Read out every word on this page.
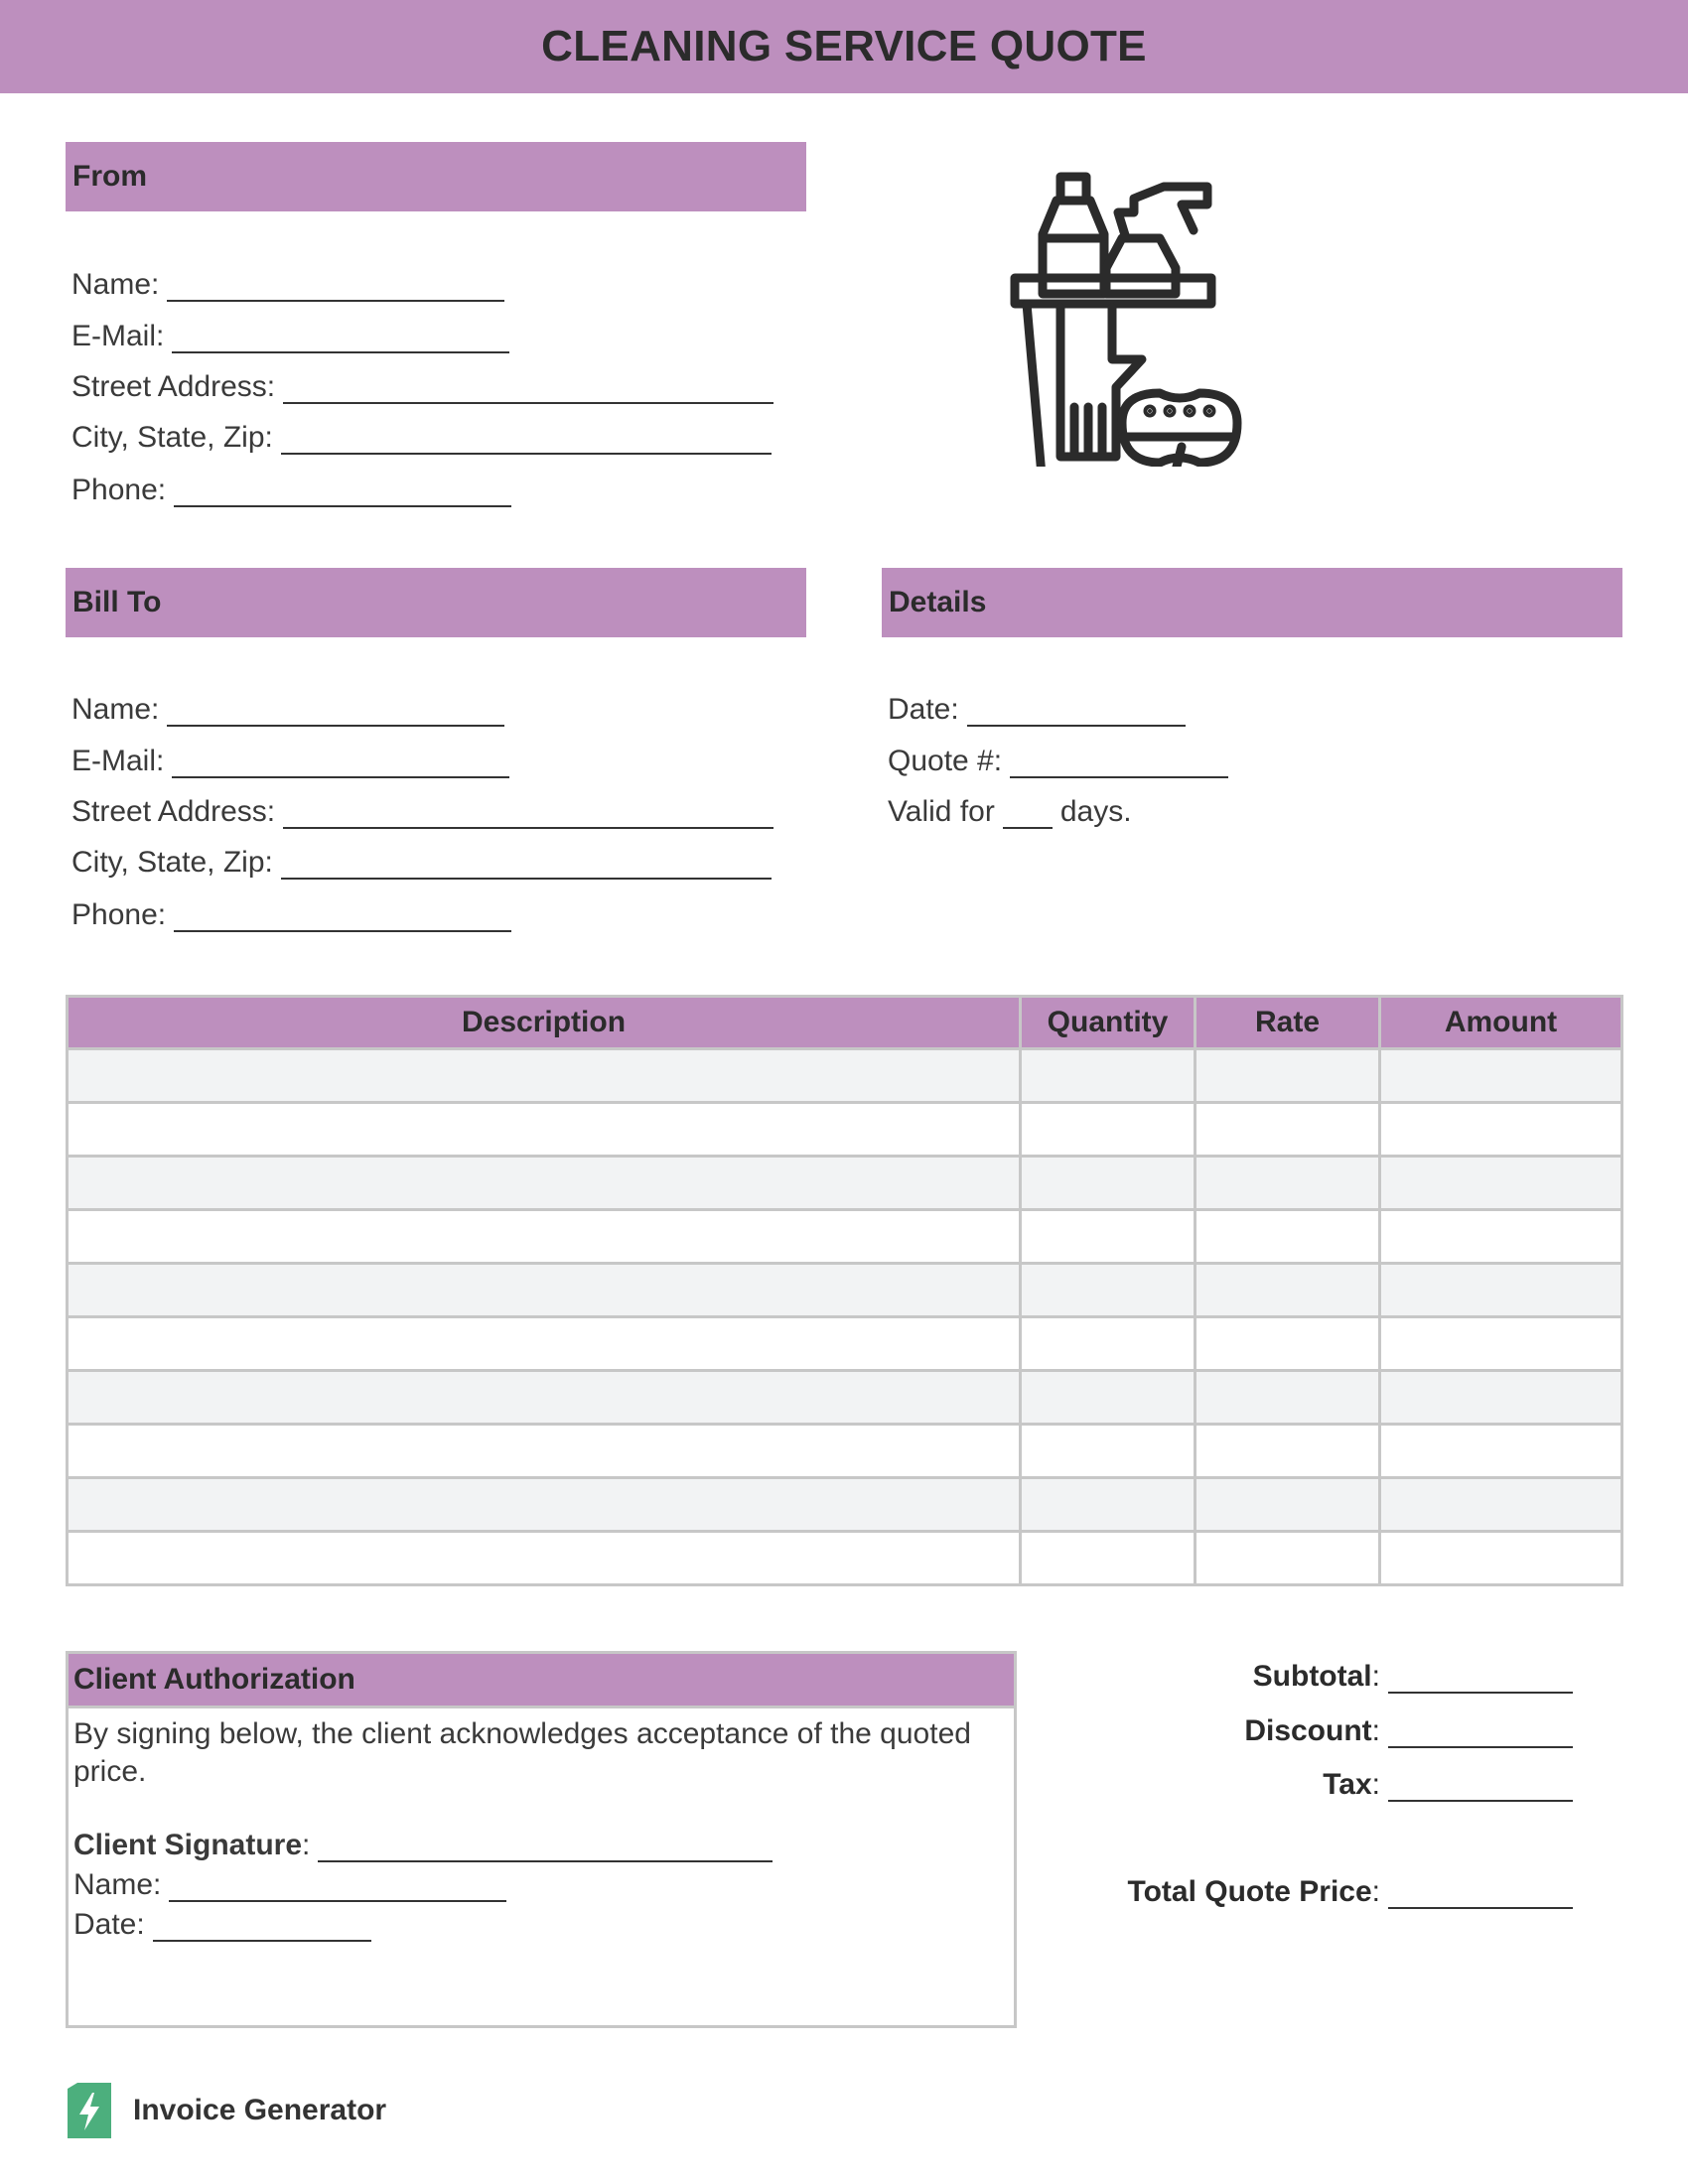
CLEANING SERVICE QUOTE
From
Name:
E-Mail:
Street Address:
City, State, Zip:
Phone:
Bill To
Name:
E-Mail:
Street Address:
City, State, Zip:
Phone:
Details
Date:
Quote #:
Valid for days.
Description	Quantity	Rate	Amount

Client Authorization
By signing below, the client acknowledges acceptance of the quoted price.
Client Signature:
Name:
Date:
Subtotal:
Discount:
Tax:
Total Quote Price:
Invoice Generator
